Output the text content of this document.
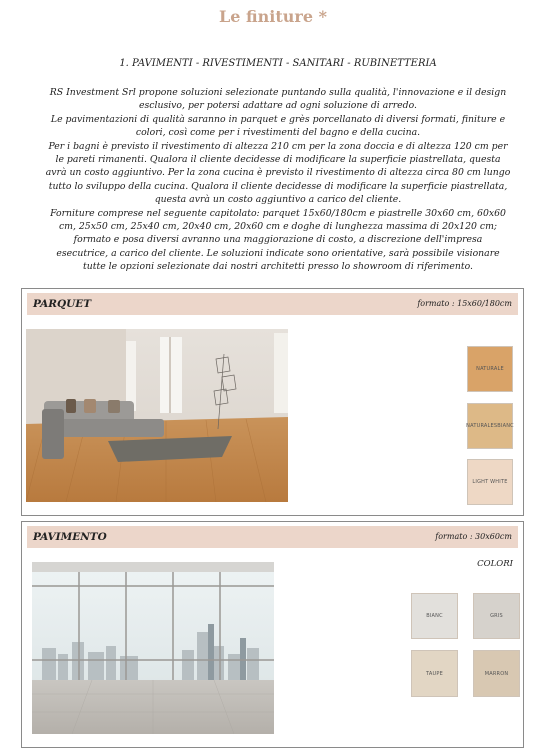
Le finiture *
1. PAVIMENTI - RIVESTIMENTI - SANITARI - RUBINETTERIA
RS Investment Srl propone soluzioni selezionate puntando sulla qualità, l'innovazione e il design
esclusivo, per potersi adattare ad ogni soluzione di arredo.
Le pavimentazioni di qualità saranno in parquet e grès porcellanato di diversi formati, finiture e
colori, così come per i rivestimenti del bagno e della cucina.
Per i bagni è previsto il rivestimento di altezza 210 cm per la zona doccia e di altezza 120 cm per
le pareti rimanenti. Qualora il cliente decidesse di modificare la superficie piastrellata, questa
avrà un costo aggiuntivo. Per la zona cucina è previsto il rivestimento di altezza circa 80 cm lungo
tutto lo sviluppo della cucina. Qualora il cliente decidesse di modificare la superficie piastrellata,
questa avrà un costo aggiuntivo a carico del cliente.
Forniture comprese nel seguente capitolato: parquet 15x60/180cm e piastrelle 30x60 cm, 60x60
cm, 25x50 cm, 25x40 cm, 20x40 cm, 20x60 cm e doghe di lunghezza massima di 20x120 cm;
formato e posa diversi avranno una maggiorazione di costo, a discrezione dell'impresa
esecutrice, a carico del cliente. Le soluzioni indicate sono orientative, sarà possibile visionare
tutte le opzioni selezionate dai nostri architetti presso lo showroom di riferimento.
PARQUET	formato : 15x60/180cm
NATURALE
NATURALESBIANC
LIGHT WHITE
PAVIMENTO	formato : 30x60cm
COLORI
BIANC	GRIS
TAUPE	MARRON
